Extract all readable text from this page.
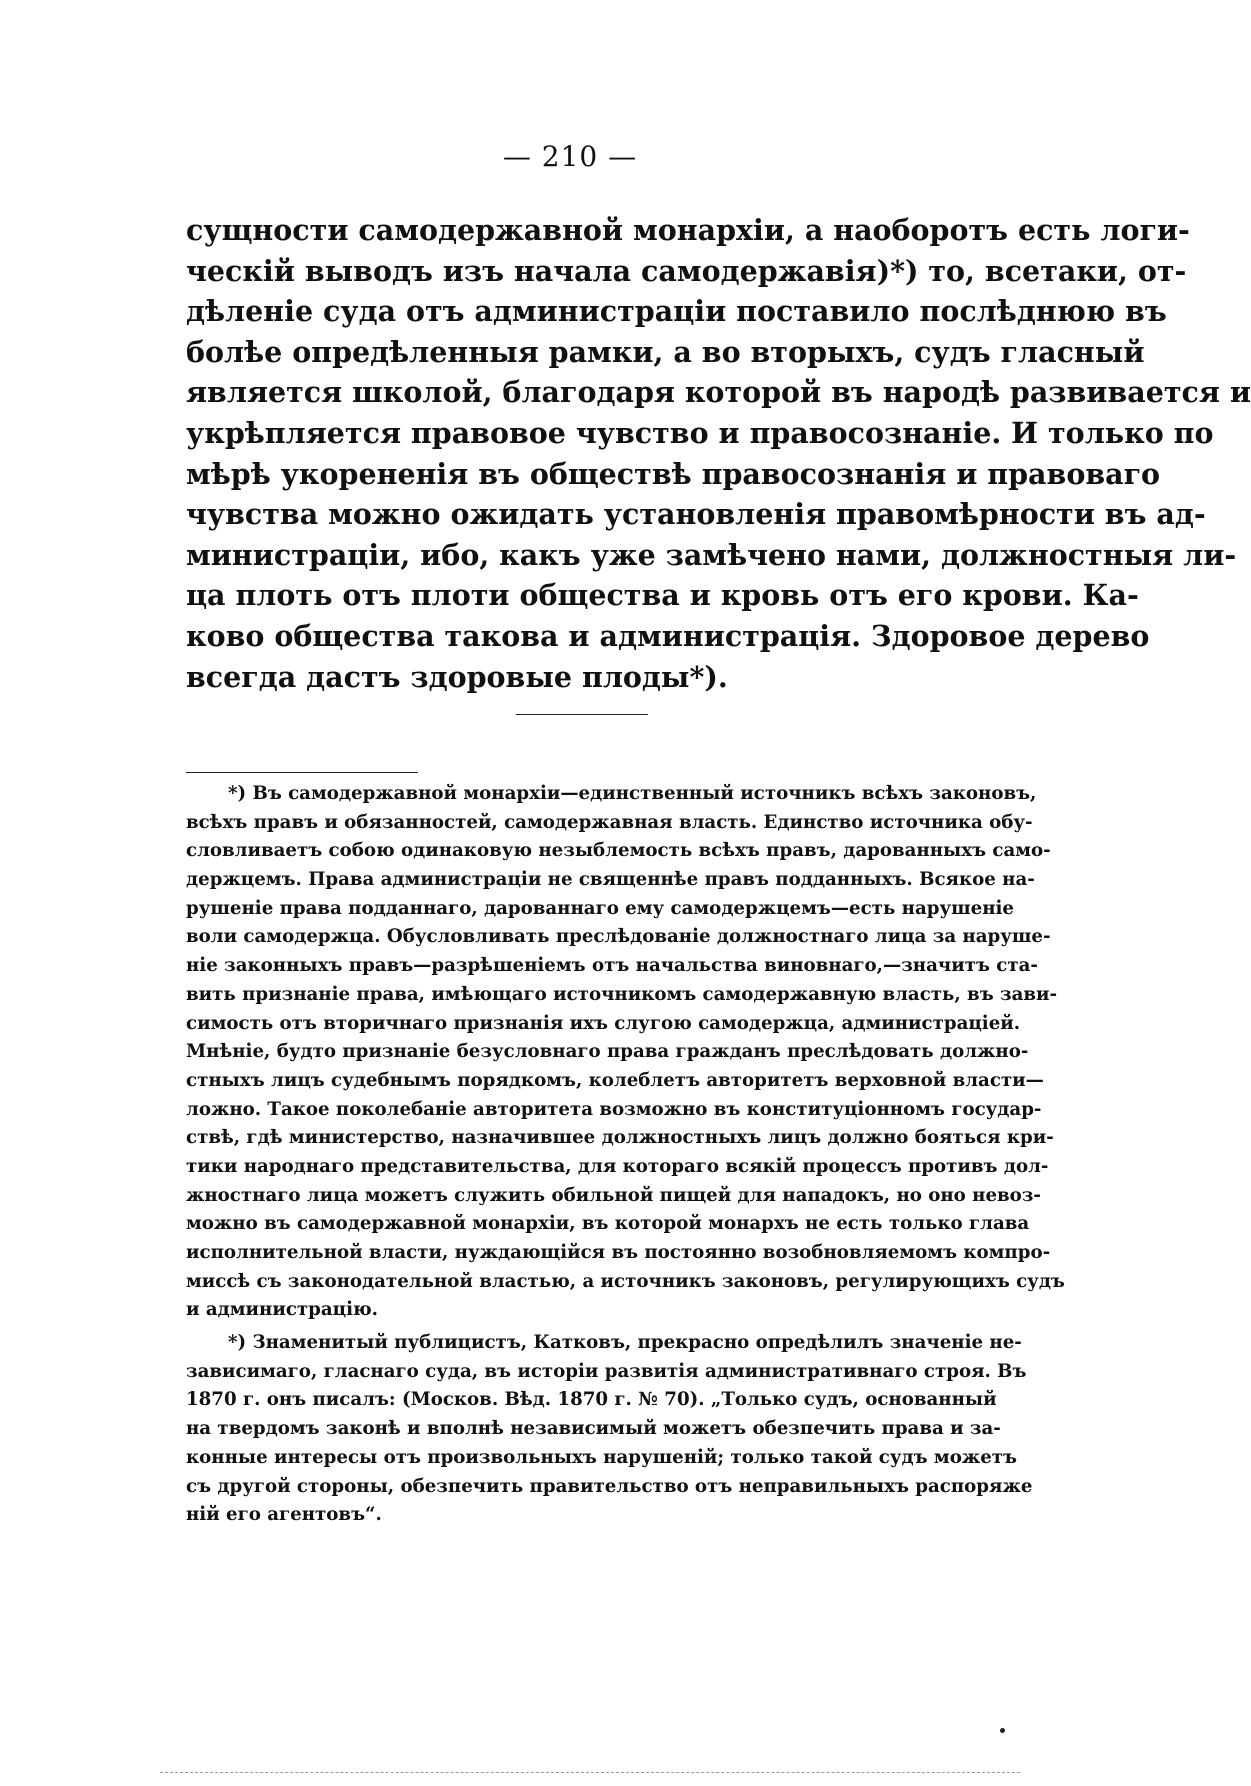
— 210 —
сущности самодержавной монархіи, а наоборотъ есть логи-
ческій выводъ изъ начала самодержавія)*) то, всетаки, от-
дѣленіе суда отъ администраціи поставило послѣднюю въ
болѣе опредѣленныя рамки, а во вторыхъ, судъ гласный
является школой, благодаря которой въ народѣ развивается и
укрѣпляется правовое чувство и правосознаніе. И только по
мѣрѣ укорененія въ обществѣ правосознанія и правоваго
чувства можно ожидать установленія правомѣрности въ ад-
министраціи, ибо, какъ уже замѣчено нами, должностныя ли-
ца плоть отъ плоти общества и кровь отъ его крови. Ка-
ково общества такова и администрація. Здоровое дерево
всегда дастъ здоровые плоды*).
*) Въ самодержавной монархіи—единственный источникъ всѣхъ законовъ,
всѣхъ правъ и обязанностей, самодержавная власть. Единство источника обу-
словливаетъ собою одинаковую незыблемость всѣхъ правъ, дарованныхъ само-
держцемъ. Права администраціи не священнѣе правъ подданныхъ. Всякое на-
рушеніе права подданнаго, дарованнаго ему самодержцемъ—есть нарушеніе
воли самодержца. Обусловливать преслѣдованіе должностнаго лица за наруше-
ніе законныхъ правъ—разрѣшеніемъ отъ начальства виновнаго,—значитъ ста-
вить признаніе права, имѣющаго источникомъ самодержавную власть, въ зави-
симость отъ вторичнаго признанія ихъ слугою самодержца, администраціей.
Мнѣніе, будто признаніе безусловнаго права гражданъ преслѣдовать должно-
стныхъ лицъ судебнымъ порядкомъ, колеблетъ авторитетъ верховной власти—
ложно. Такое поколебаніе авторитета возможно въ конституціонномъ государ-
ствѣ, гдѣ министерство, назначившее должностныхъ лицъ должно бояться кри-
тики народнаго представительства, для котораго всякій процессъ противъ дол-
жностнаго лица можетъ служить обильной пищей для нападокъ, но оно невоз-
можно въ самодержавной монархіи, въ которой монархъ не есть только глава
исполнительной власти, нуждающійся въ постоянно возобновляемомъ компро-
миссѣ съ законодательной властью, а источникъ законовъ, регулирующихъ судъ
и администрацію.
*) Знаменитый публицистъ, Катковъ, прекрасно опредѣлилъ значеніе не-
зависимаго, гласнаго суда, въ исторіи развитія административнаго строя. Въ
1870 г. онъ писалъ: (Москов. Вѣд. 1870 г. № 70). „Только судъ, основанный
на твердомъ законѣ и вполнѣ независимый можетъ обезпечить права и за-
конные интересы отъ произвольныхъ нарушеній; только такой судъ можетъ
съ другой стороны, обезпечить правительство отъ неправильныхъ распоряже
ній его агентовъ“.
